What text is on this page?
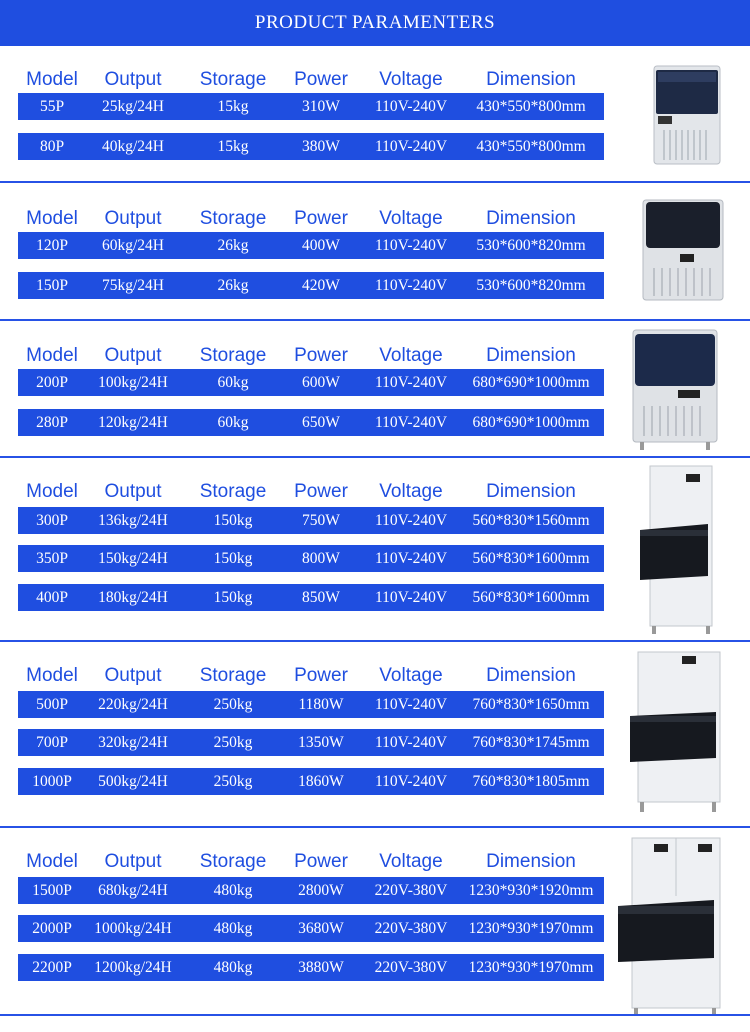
PRODUCT PARAMENTERS
Model	Output	Storage	Power	Voltage	Dimension
55P	25kg/24H	15kg	310W	110V-240V	430*550*800mm
80P	40kg/24H	15kg	380W	110V-240V	430*550*800mm
Model	Output	Storage	Power	Voltage	Dimension
120P	60kg/24H	26kg	400W	110V-240V	530*600*820mm
150P	75kg/24H	26kg	420W	110V-240V	530*600*820mm
Model	Output	Storage	Power	Voltage	Dimension
200P	100kg/24H	60kg	600W	110V-240V	680*690*1000mm
280P	120kg/24H	60kg	650W	110V-240V	680*690*1000mm
Model	Output	Storage	Power	Voltage	Dimension
300P	136kg/24H	150kg	750W	110V-240V	560*830*1560mm
350P	150kg/24H	150kg	800W	110V-240V	560*830*1600mm
400P	180kg/24H	150kg	850W	110V-240V	560*830*1600mm
Model	Output	Storage	Power	Voltage	Dimension
500P	220kg/24H	250kg	1180W	110V-240V	760*830*1650mm
700P	320kg/24H	250kg	1350W	110V-240V	760*830*1745mm
1000P	500kg/24H	250kg	1860W	110V-240V	760*830*1805mm
Model	Output	Storage	Power	Voltage	Dimension
1500P	680kg/24H	480kg	2800W	220V-380V	1230*930*1920mm
2000P	1000kg/24H	480kg	3680W	220V-380V	1230*930*1970mm
2200P	1200kg/24H	480kg	3880W	220V-380V	1230*930*1970mm
